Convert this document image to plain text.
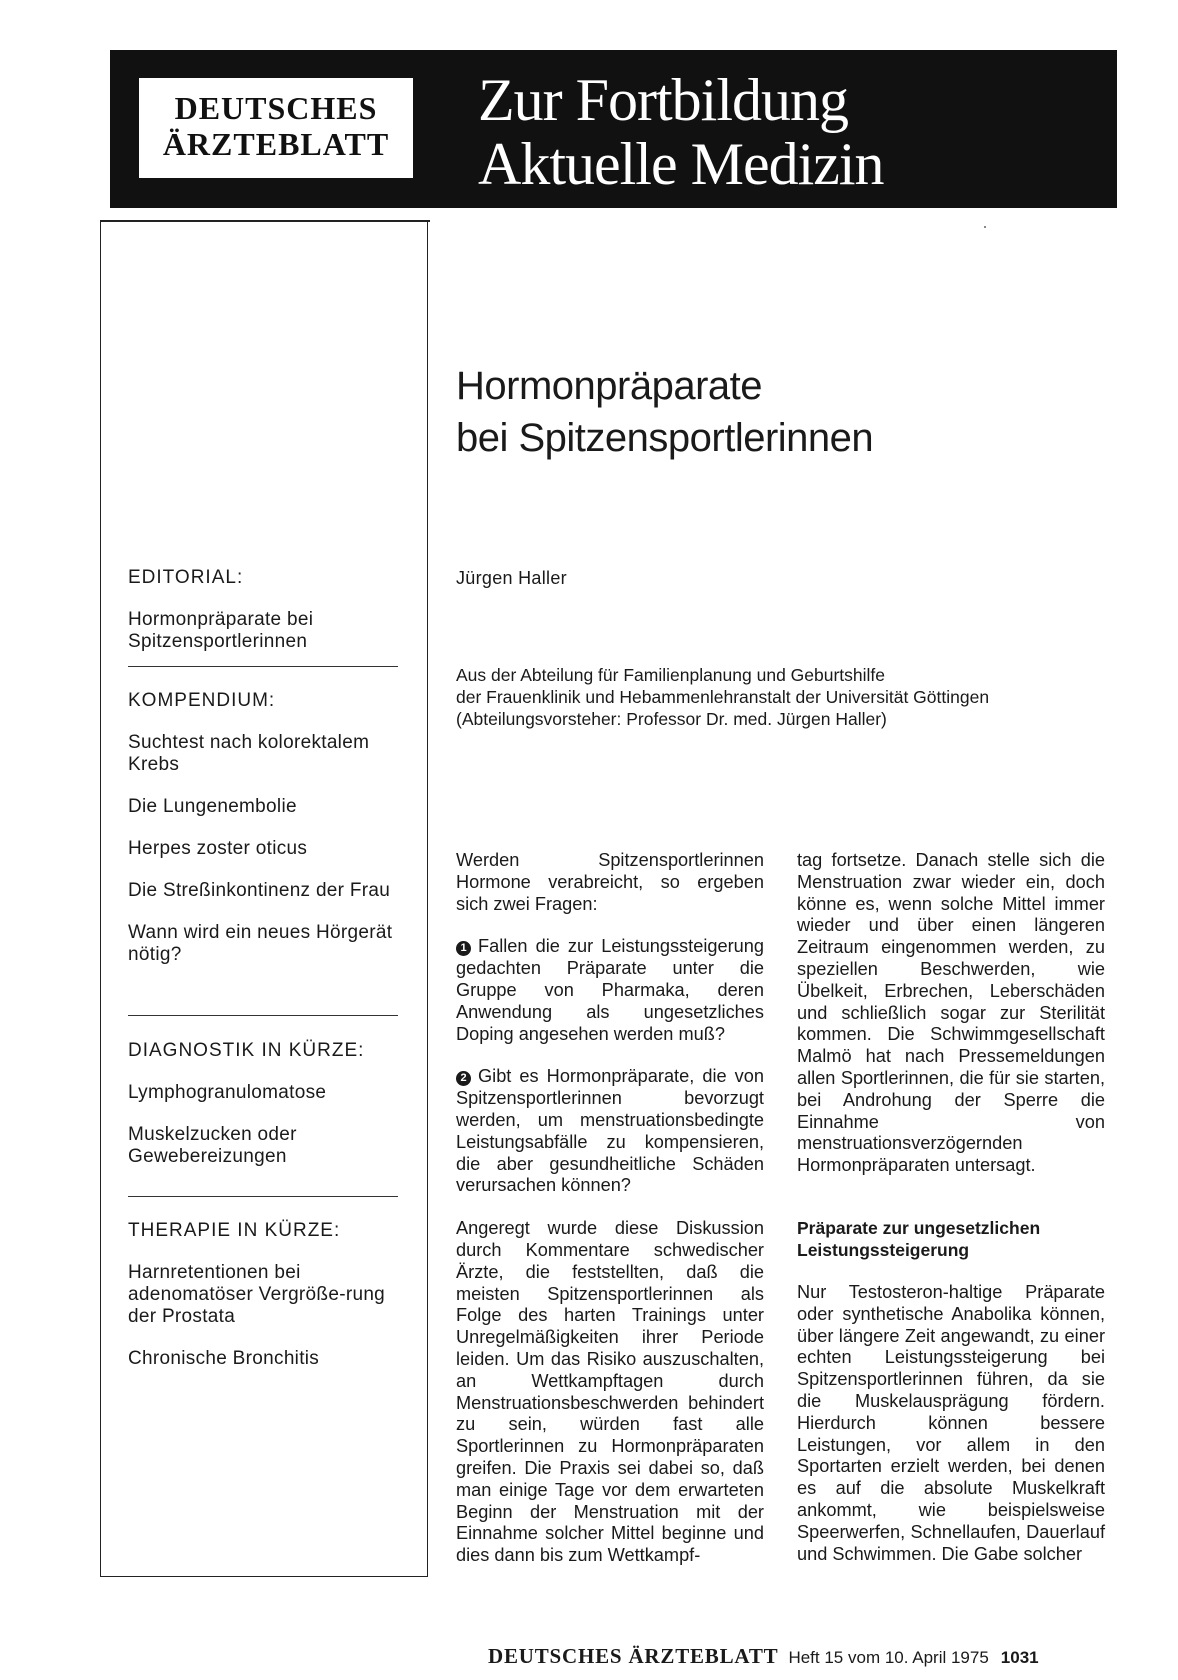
DEUTSCHES
ÄRZTEBLATT
Zur Fortbildung
Aktuelle Medizin
EDITORIAL:
Hormonpräparate bei Spitzensportlerinnen
KOMPENDIUM:
Suchtest nach kolorektalem Krebs
Die Lungenembolie
Herpes zoster oticus
Die Streßinkontinenz der Frau
Wann wird ein neues Hörgerät nötig?
DIAGNOSTIK IN KÜRZE:
Lymphogranulomatose
Muskelzucken oder Gewebereizungen
THERAPIE IN KÜRZE:
Harnretentionen bei adenomatöser Vergröße-rung der Prostata
Chronische Bronchitis
Hormonpräparate
bei Spitzensportlerinnen
Jürgen Haller
Aus der Abteilung für Familienplanung und Geburtshilfe
der Frauenklinik und Hebammenlehranstalt der Universität Göttingen
(Abteilungsvorsteher: Professor Dr. med. Jürgen Haller)

Werden Spitzensportlerinnen Hormone verabreicht, so ergeben sich zwei Fragen:

1 Fallen die zur Leistungssteigerung gedachten Präparate unter die Gruppe von Pharmaka, deren Anwendung als ungesetzliches Doping angesehen werden muß?

2 Gibt es Hormonpräparate, die von Spitzensportlerinnen bevorzugt werden, um menstruationsbedingte Leistungsabfälle zu kompensieren, die aber gesundheitliche Schäden verursachen können?

Angeregt wurde diese Diskussion durch Kommentare schwedischer Ärzte, die feststellten, daß die meisten Spitzensportlerinnen als Folge des harten Trainings unter Unregelmäßigkeiten ihrer Periode leiden. Um das Risiko auszuschalten, an Wettkampftagen durch Menstruationsbeschwerden behindert zu sein, würden fast alle Sportlerinnen zu Hormonpräparaten greifen. Die Praxis sei dabei so, daß man einige Tage vor dem erwarteten Beginn der Menstruation mit der Einnahme solcher Mittel beginne und dies dann bis zum Wettkampf-

tag fortsetze. Danach stelle sich die Menstruation zwar wieder ein, doch könne es, wenn solche Mittel immer wieder und über einen längeren Zeitraum eingenommen werden, zu speziellen Beschwerden, wie Übelkeit, Erbrechen, Leberschäden und schließlich sogar zur Sterilität kommen. Die Schwimmgesellschaft Malmö hat nach Pressemeldungen allen Sportlerinnen, die für sie starten, bei Androhung der Sperre die Einnahme von menstruationsverzögernden Hormonpräparaten untersagt.

Präparate zur ungesetzlichen Leistungssteigerung

Nur Testosteron-haltige Präparate oder synthetische Anabolika können, über längere Zeit angewandt, zu einer echten Leistungssteigerung bei Spitzensportlerinnen führen, da sie die Muskelausprägung fördern. Hierdurch können bessere Leistungen, vor allem in den Sportarten erzielt werden, bei denen es auf die absolute Muskelkraft ankommt, wie beispielsweise Speerwerfen, Schnellaufen, Dauerlauf und Schwimmen. Die Gabe solcher

DEUTSCHES ÄRZTEBLATT Heft 15 vom 10. April 1975 1031
